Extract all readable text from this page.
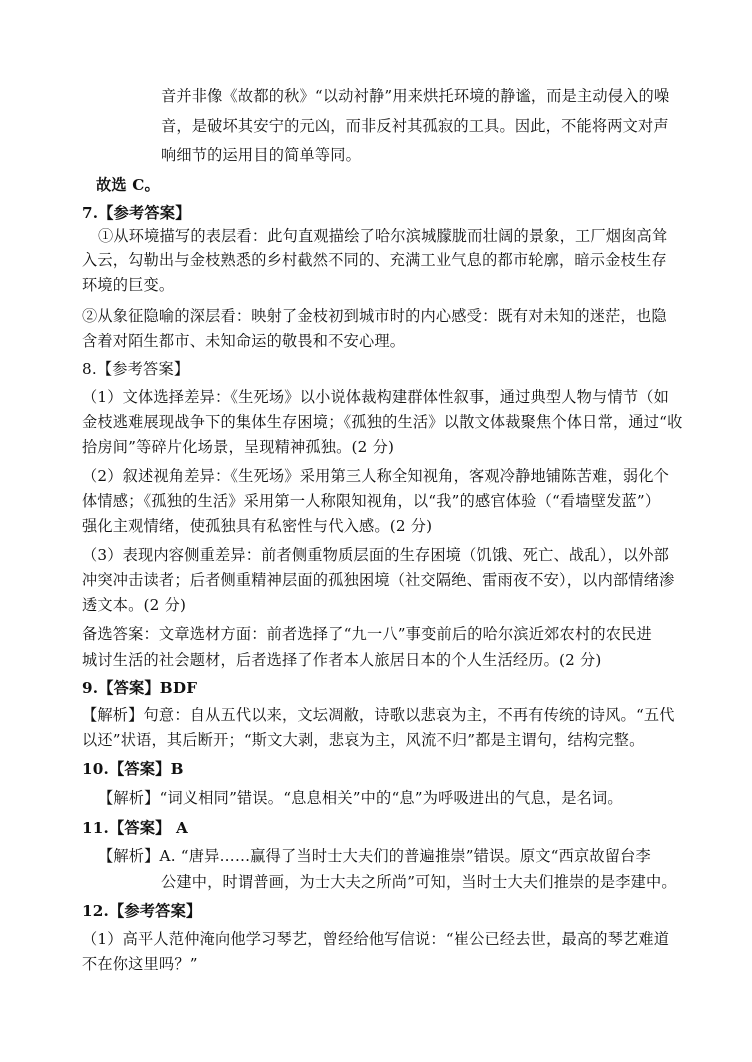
音并非像《故都的秋》“以动衬静”用来烘托环境的静谧，而是主动侵入的噪
音，是破坏其安宁的元凶，而非反衬其孤寂的工具。因此，不能将两文对声
响细节的运用目的简单等同。
故选 C。
7.【参考答案】
①从环境描写的表层看：此句直观描绘了哈尔滨城朦胧而壮阔的景象，工厂烟囱高耸
入云，勾勒出与金枝熟悉的乡村截然不同的、充满工业气息的都市轮廓，暗示金枝生存
环境的巨变。
②从象征隐喻的深层看：映射了金枝初到城市时的内心感受：既有对未知的迷茫，也隐
含着对陌生都市、未知命运的敬畏和不安心理。
8.【参考答案】
（1）文体选择差异：《生死场》以小说体裁构建群体性叙事，通过典型人物与情节（如
金枝逃难展现战争下的集体生存困境；《孤独的生活》以散文体裁聚焦个体日常，通过“收
拾房间”等碎片化场景，呈现精神孤独。(2 分)
（2）叙述视角差异：《生死场》采用第三人称全知视角，客观冷静地铺陈苦难，弱化个
体情感；《孤独的生活》采用第一人称限知视角，以“我”的感官体验（“看墙壁发蓝”）
强化主观情绪，使孤独具有私密性与代入感。(2 分)
（3）表现内容侧重差异：前者侧重物质层面的生存困境（饥饿、死亡、战乱），以外部
冲突冲击读者；后者侧重精神层面的孤独困境（社交隔绝、雷雨夜不安），以内部情绪渗
透文本。(2 分)
备选答案：文章选材方面：前者选择了“九一八”事变前后的哈尔滨近郊农村的农民进
城讨生活的社会题材，后者选择了作者本人旅居日本的个人生活经历。(2 分)
9.【答案】BDF
【解析】句意：自从五代以来，文坛凋敝，诗歌以悲哀为主，不再有传统的诗风。“五代
以还”状语，其后断开；“斯文大剥，悲哀为主，风流不归”都是主谓句，结构完整。
10.【答案】B
【解析】“词义相同”错误。“息息相关”中的“息”为呼吸进出的气息，是名词。
11.【答案】 A
【解析】A. “唐异……赢得了当时士大夫们的普遍推崇”错误。原文“西京故留台李
公建中，时谓普画，为士大夫之所尚”可知，当时士大夫们推崇的是李建中。
12.【参考答案】
（1）高平人范仲淹向他学习琴艺，曾经给他写信说：“崔公已经去世，最高的琴艺难道
不在你这里吗？”
